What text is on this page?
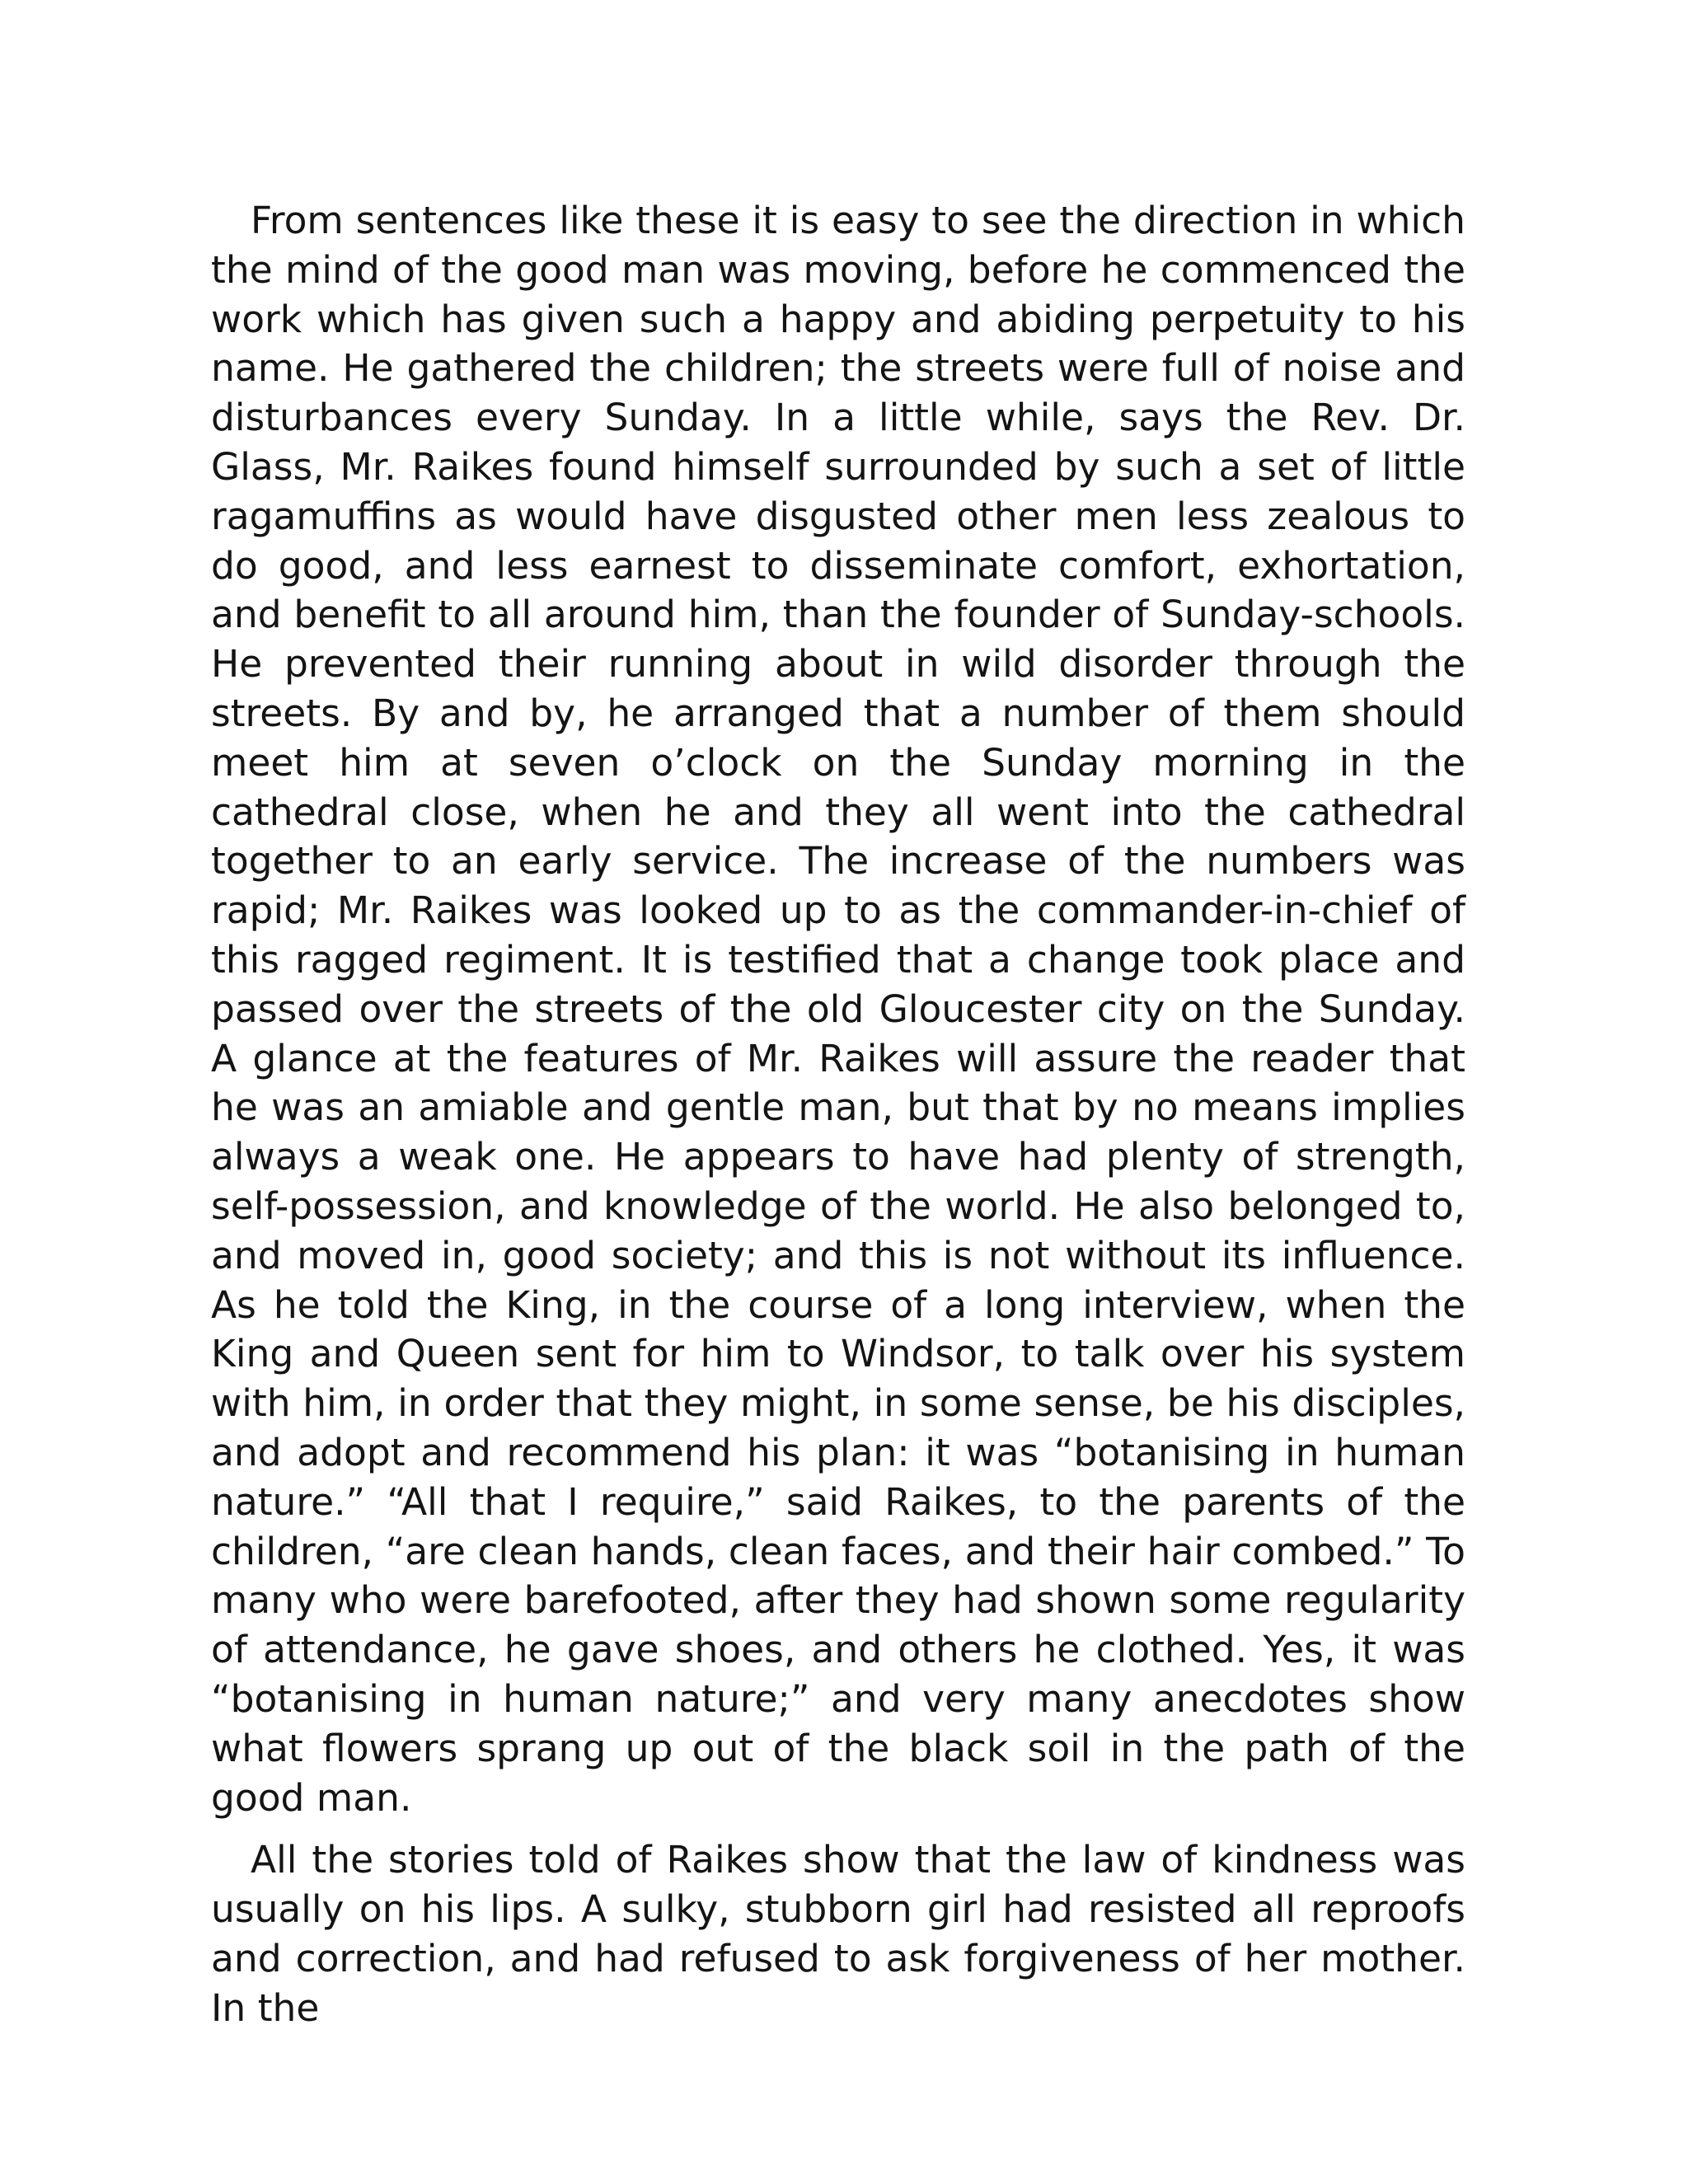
From sentences like these it is easy to see the direction in which the mind of the good man was moving, before he commenced the work which has given such a happy and abiding perpetuity to his name. He gathered the children; the streets were full of noise and disturbances every Sunday. In a little while, says the Rev. Dr. Glass, Mr. Raikes found himself surrounded by such a set of little ragamuffins as would have disgusted other men less zealous to do good, and less earnest to disseminate comfort, exhortation, and benefit to all around him, than the founder of Sunday-schools. He prevented their running about in wild disorder through the streets. By and by, he arranged that a number of them should meet him at seven o’clock on the Sunday morning in the cathedral close, when he and they all went into the cathedral together to an early service. The increase of the numbers was rapid; Mr. Raikes was looked up to as the commander-in-chief of this ragged regiment. It is testified that a change took place and passed over the streets of the old Gloucester city on the Sunday. A glance at the features of Mr. Raikes will assure the reader that he was an amiable and gentle man, but that by no means implies always a weak one. He appears to have had plenty of strength, self-possession, and knowledge of the world. He also belonged to, and moved in, good society; and this is not without its influence. As he told the King, in the course of a long interview, when the King and Queen sent for him to Windsor, to talk over his system with him, in order that they might, in some sense, be his disciples, and adopt and recommend his plan: it was “botanising in human nature.” “All that I require,” said Raikes, to the parents of the children, “are clean hands, clean faces, and their hair combed.” To many who were barefooted, after they had shown some regularity of attendance, he gave shoes, and others he clothed. Yes, it was “botanising in human nature;” and very many anecdotes show what flowers sprang up out of the black soil in the path of the good man.

All the stories told of Raikes show that the law of kindness was usually on his lips. A sulky, stubborn girl had resisted all reproofs and correction, and had refused to ask forgiveness of her mother. In the
